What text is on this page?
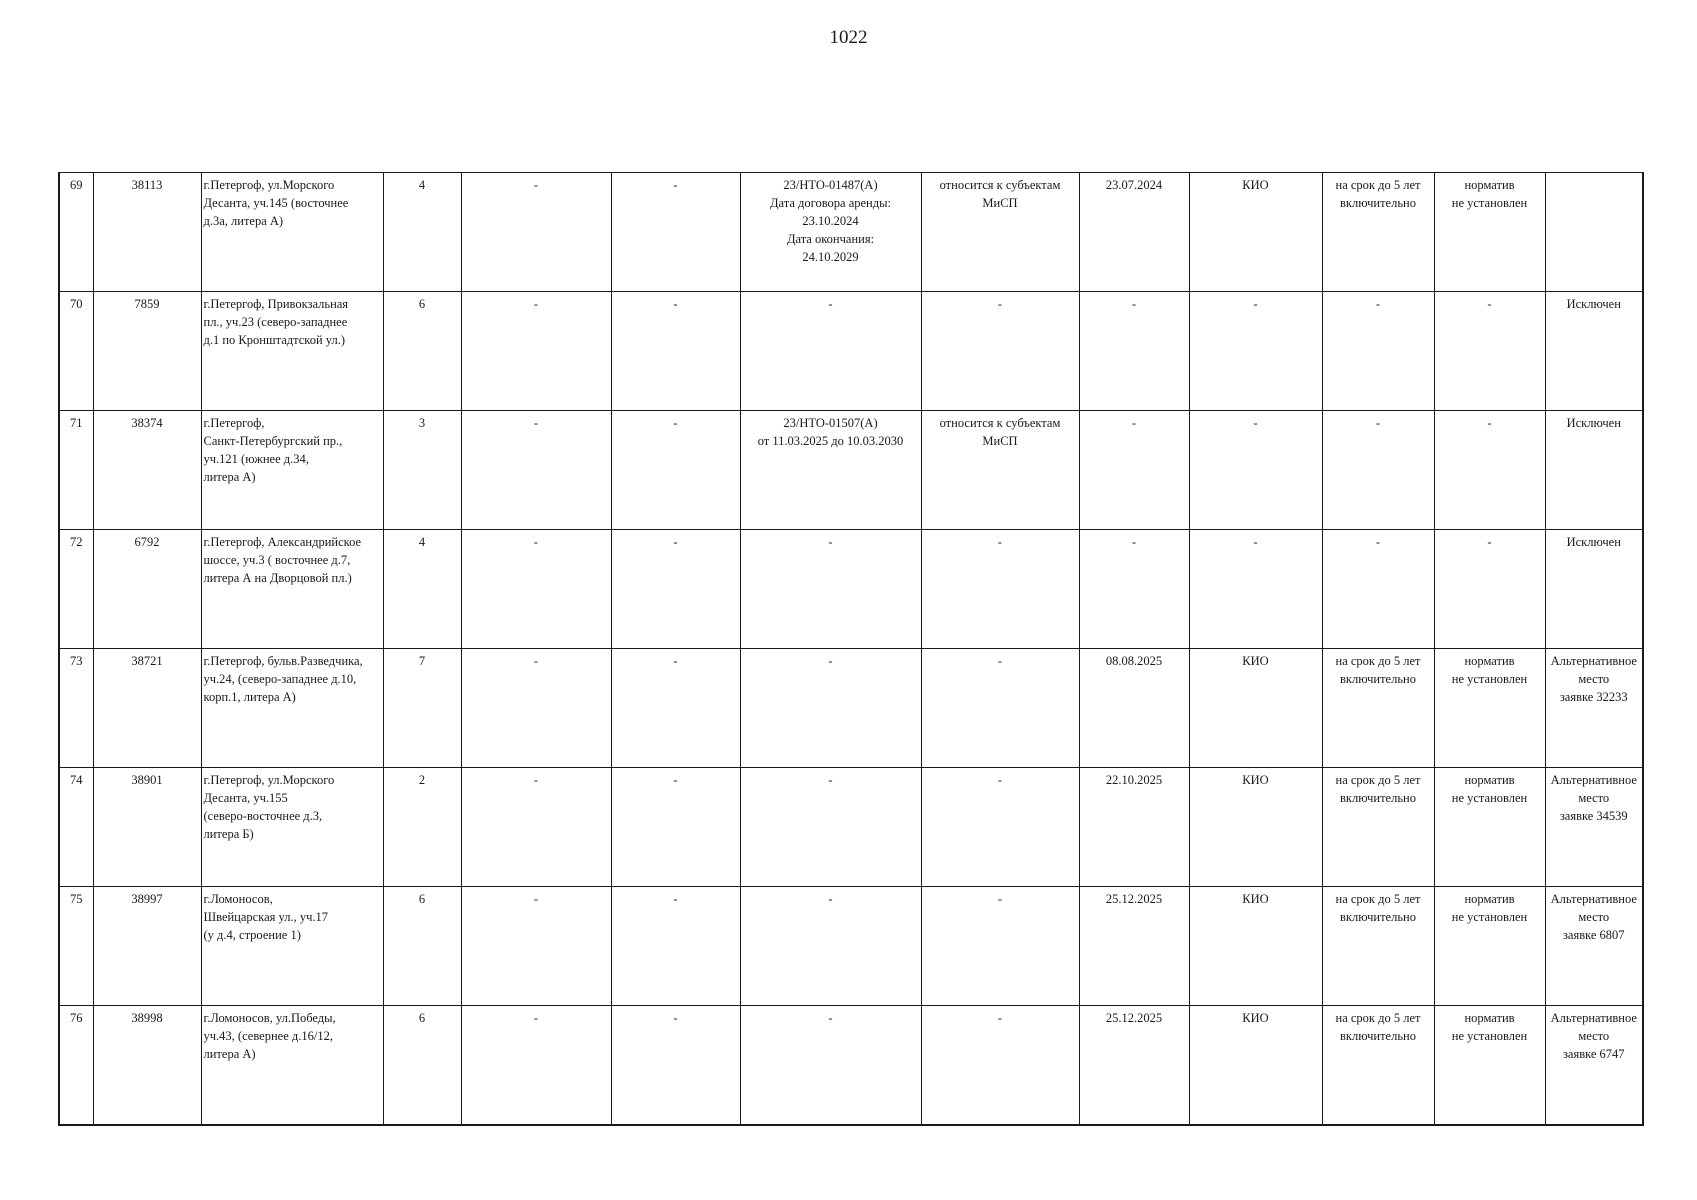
1022
69	38113	г.Петергоф, ул.Морского
Десанта, уч.145 (восточнее
д.3а, литера А)	4	-	-	23/НТО-01487(А)
Дата договора аренды:
23.10.2024
Дата окончания:
24.10.2029	относится к субъектам
МиСП	23.07.2024	КИО	на срок до 5 лет
включительно	норматив
не установлен	

70	7859	г.Петергоф, Привокзальная
пл., уч.23 (северо-западнее
д.1 по Кронштадтской ул.)	6	-	-	-	-	-	-	-	-	Исключен

71	38374	г.Петергоф,
Санкт-Петербургский пр.,
уч.121 (южнее д.34,
литера А)	3	-	-	23/НТО-01507(А)
от 11.03.2025 до 10.03.2030	относится к субъектам
МиСП	-	-	-	-	Исключен

72	6792	г.Петергоф, Александрийское
шоссе, уч.3 ( восточнее д.7,
литера А на Дворцовой пл.)	4	-	-	-	-	-	-	-	-	Исключен

73	38721	г.Петергоф, бульв.Разведчика,
уч.24, (северо-западнее д.10,
корп.1, литера А)	7	-	-	-	-	08.08.2025	КИО	на срок до 5 лет
включительно	норматив
не установлен	Альтернативное
место
заявке 32233

74	38901	г.Петергоф, ул.Морского
Десанта, уч.155
(северо-восточнее д.3,
литера Б)	2	-	-	-	-	22.10.2025	КИО	на срок до 5 лет
включительно	норматив
не установлен	Альтернативное
место
заявке 34539

75	38997	г.Ломоносов,
Швейцарская ул., уч.17
(у д.4, строение 1)	6	-	-	-	-	25.12.2025	КИО	на срок до 5 лет
включительно	норматив
не установлен	Альтернативное
место
заявке 6807

76	38998	г.Ломоносов, ул.Победы,
уч.43, (севернее д.16/12,
литера А)	6	-	-	-	-	25.12.2025	КИО	на срок до 5 лет
включительно	норматив
не установлен	Альтернативное
место
заявке 6747
